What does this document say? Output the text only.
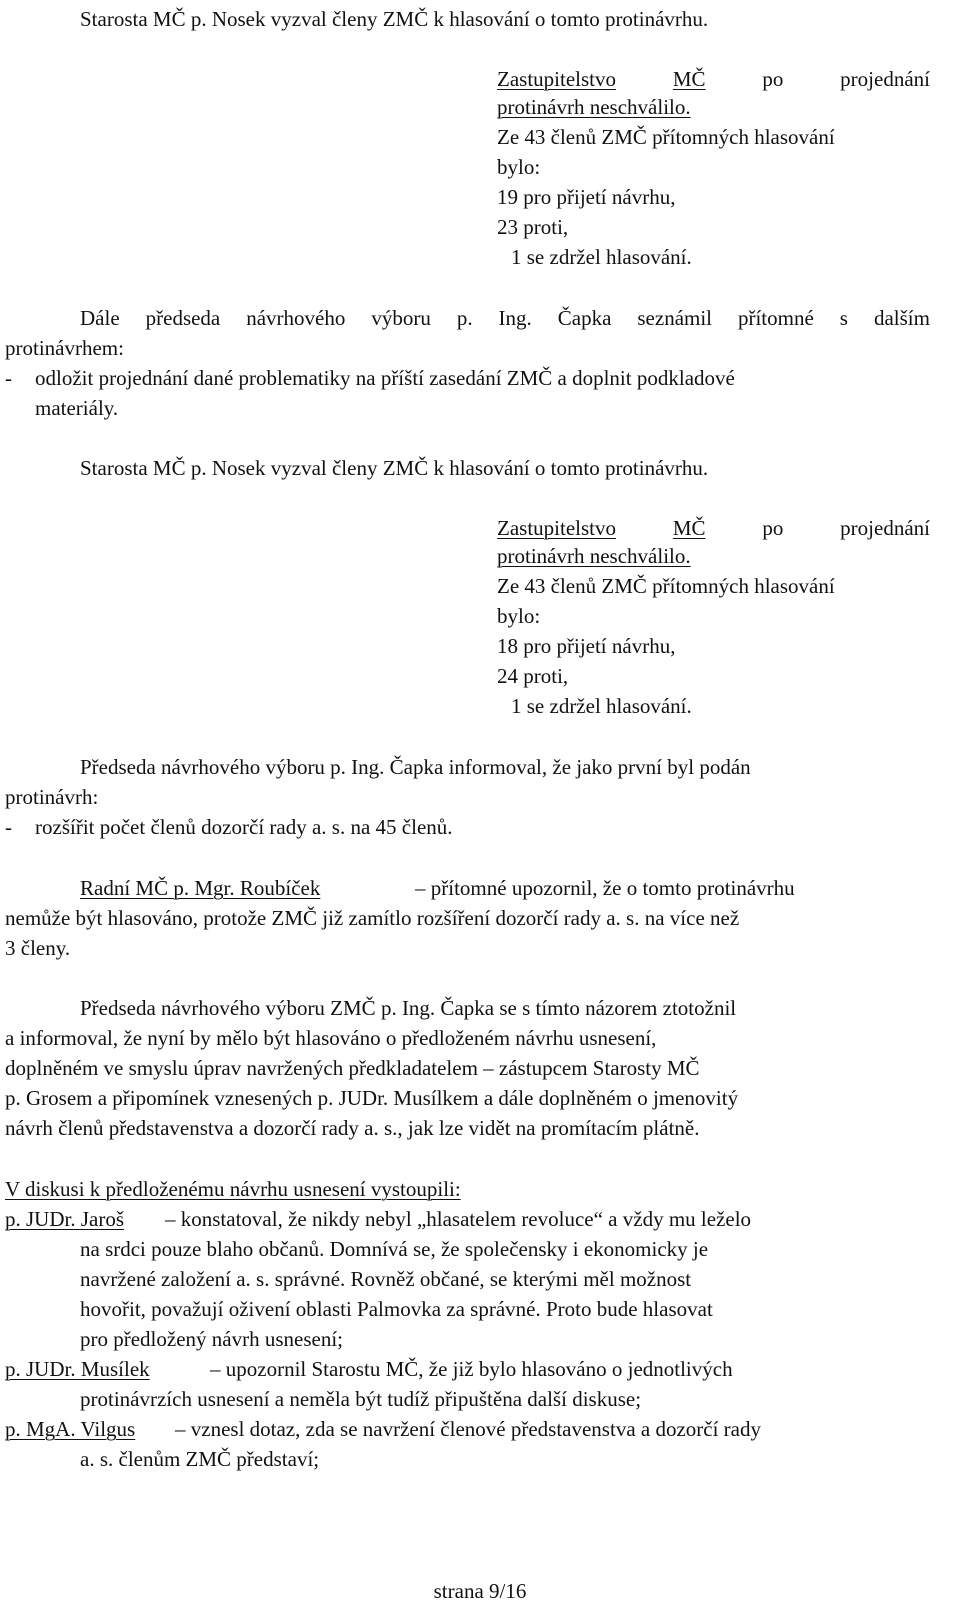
Starosta MČ p. Nosek vyzval členy ZMČ k hlasování o tomto protinávrhu.
Zastupitelstvo	MČ	po	projednání
protinávrh neschválilo.
Ze 43 členů ZMČ přítomných hlasování
bylo:
19 pro přijetí návrhu,
23 proti,
1 se zdržel hlasování.
Dále předseda návrhového výboru p. Ing. Čapka seznámil přítomné s dalším
protinávrhem:
- odložit projednání dané problematiky na příští zasedání ZMČ a doplnit podkladové
materiály.
Starosta MČ p. Nosek vyzval členy ZMČ k hlasování o tomto protinávrhu.
Zastupitelstvo	MČ	po	projednání
protinávrh neschválilo.
Ze 43 členů ZMČ přítomných hlasování
bylo:
18 pro přijetí návrhu,
24 proti,
1 se zdržel hlasování.
Předseda návrhového výboru p. Ing. Čapka informoval, že jako první byl podán
protinávrh:
- rozšířit počet členů dozorčí rady a. s. na 45 členů.
Radní MČ p. Mgr. Roubíček	– přítomné upozornil, že o tomto protinávrhu
nemůže být hlasováno, protože ZMČ již zamítlo rozšíření dozorčí rady a. s. na více než
3 členy.
Předseda návrhového výboru ZMČ p. Ing. Čapka se s tímto názorem ztotožnil
a informoval, že nyní by mělo být hlasováno o předloženém návrhu usnesení,
doplněném ve smyslu úprav navržených předkladatelem – zástupcem Starosty MČ
p. Grosem a připomínek vznesených p. JUDr. Musílkem a dále doplněném o jmenovitý
návrh členů představenstva a dozorčí rady a. s., jak lze vidět na promítacím plátně.
V diskusi k předloženému návrhu usnesení vystoupili:
p. JUDr. Jaroš – konstatoval, že nikdy nebyl „hlasatelem revoluce“ a vždy mu leželo
na srdci pouze blaho občanů. Domnívá se, že společensky i ekonomicky je
navržené založení a. s. správné. Rovněž občané, se kterými měl možnost
hovořit, považují oživení oblasti Palmovka za správné. Proto bude hlasovat
pro předložený návrh usnesení;
p. JUDr. Musílek	– upozornil Starostu MČ, že již bylo hlasováno o jednotlivých
protinávrzích usnesení a neměla být tudíž připuštěna další diskuse;
p. MgA. Vilgus – vznesl dotaz, zda se navržení členové představenstva a dozorčí rady
a. s. členům ZMČ představí;
strana 9/16
